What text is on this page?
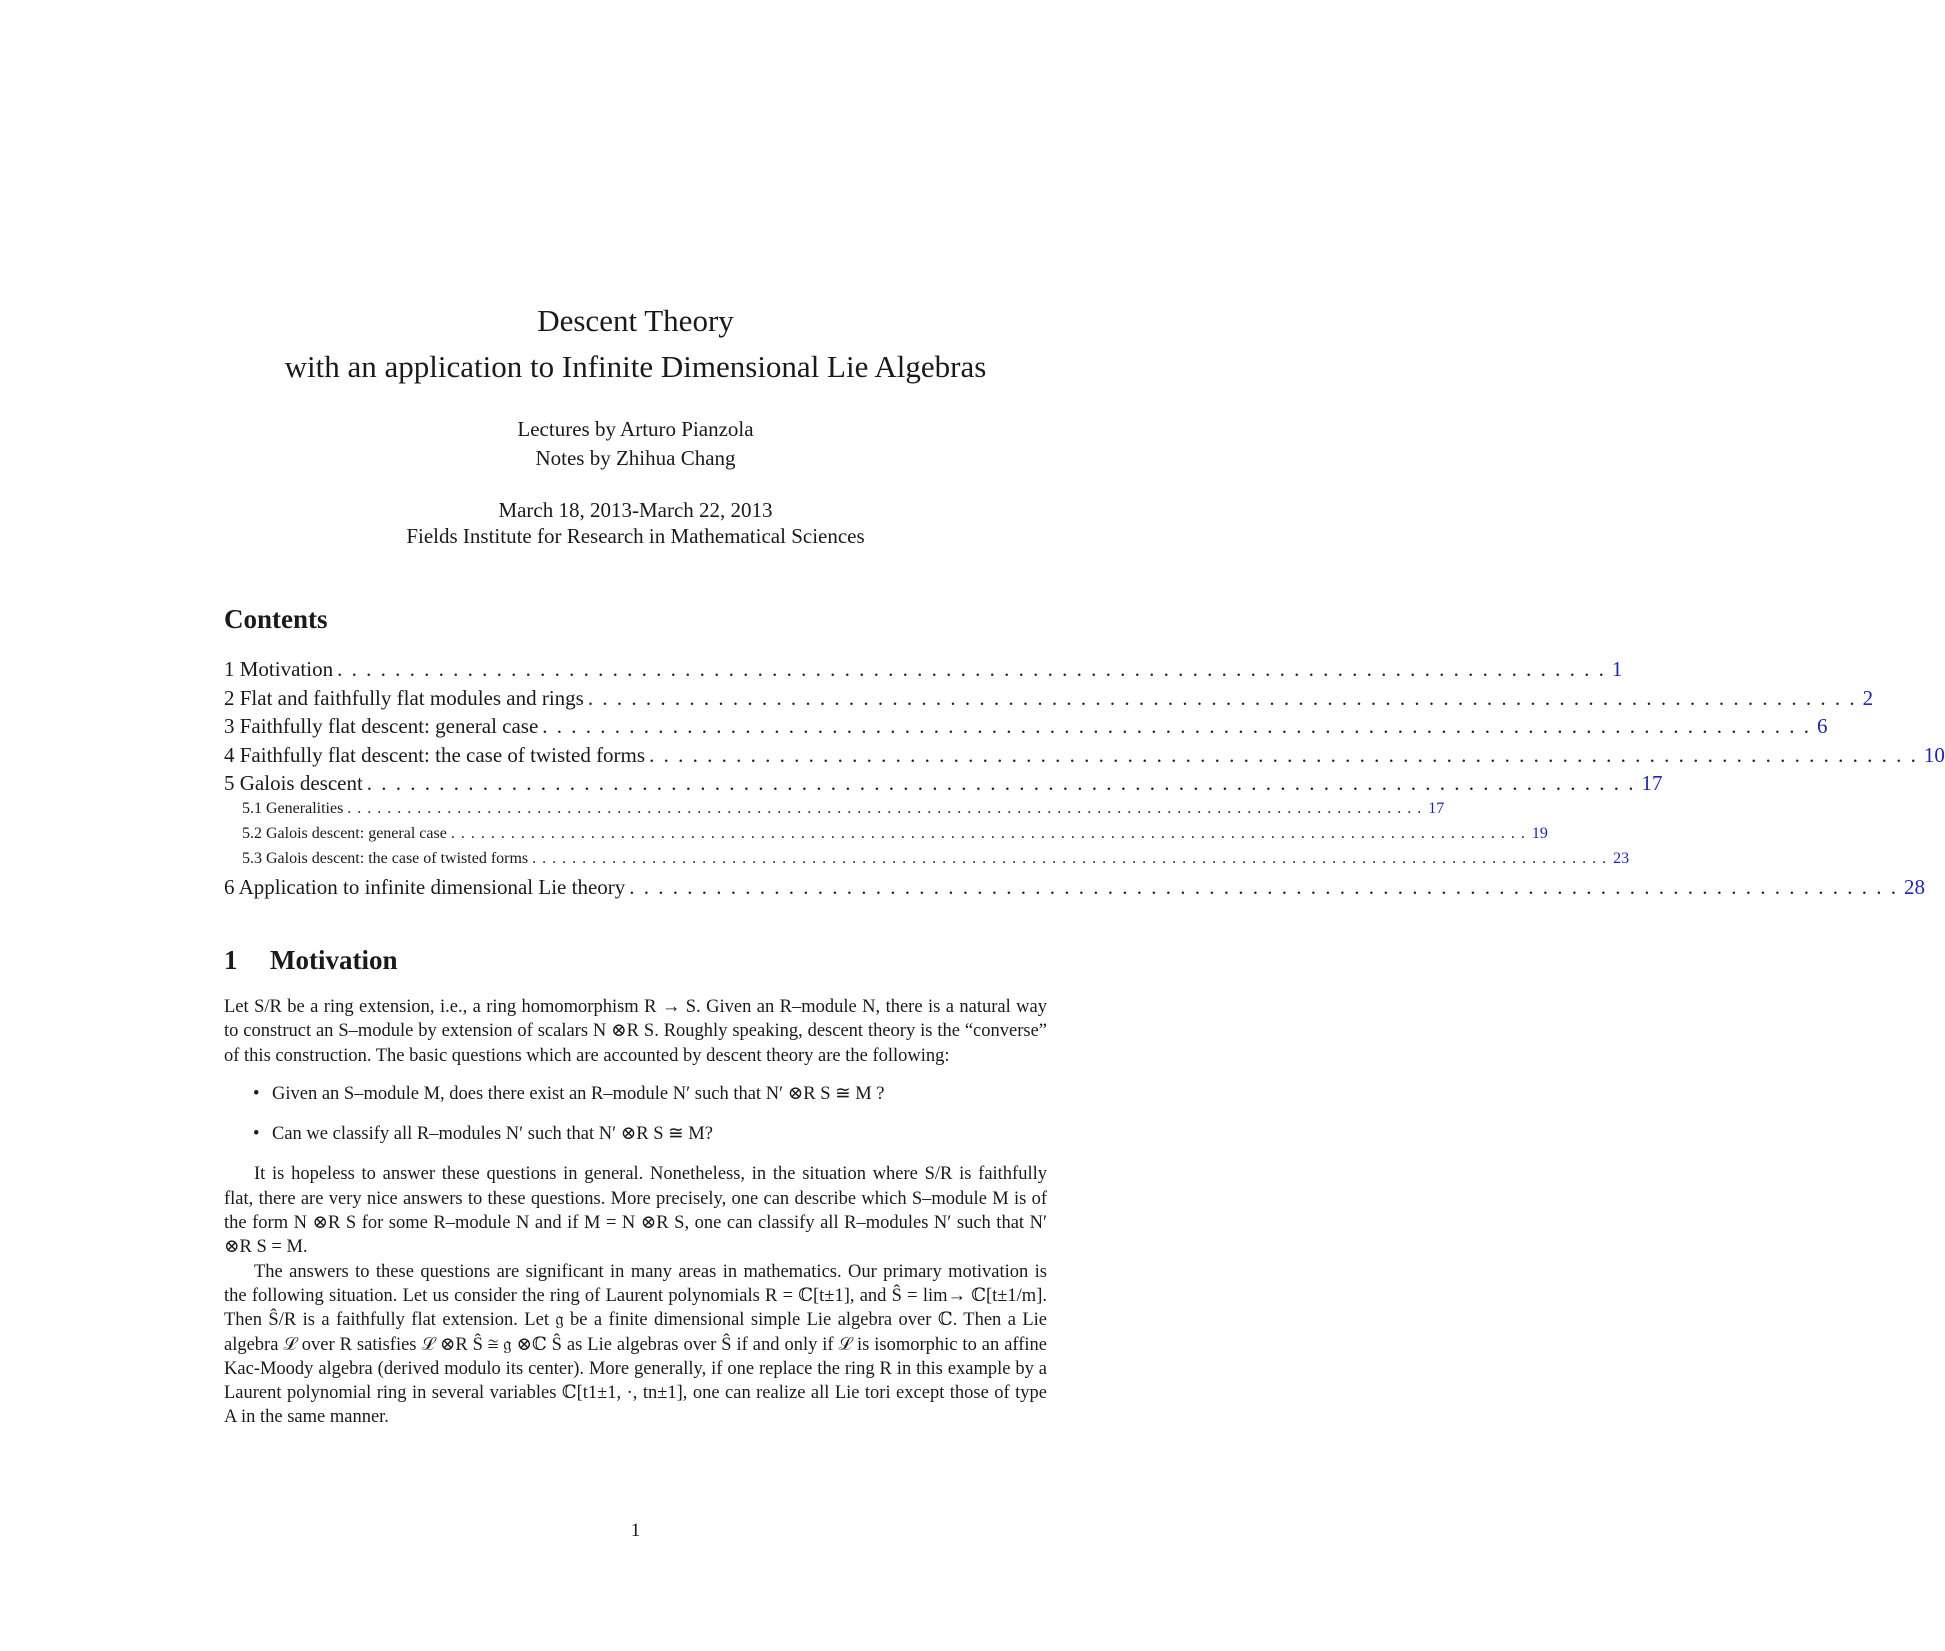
Descent Theory
with an application to Infinite Dimensional Lie Algebras
Lectures by Arturo Pianzola
Notes by Zhihua Chang
March 18, 2013-March 22, 2013
Fields Institute for Research in Mathematical Sciences
Contents
1 Motivation . . . . . . . . . . . . . . . . . . . . . . . . . . . . . . . . . . . . . . . . . . . . . . . . . . . . . . . . . . . . . . . . . . . . . . . . . . . . . . . . . . . . . . . . 1
2 Flat and faithfully flat modules and rings . . . . . . . . . . . . . . . . . . . . . . . . . . . . . . . . . . . . . . . . . . . . . . . . . . . . . . . . . . . . . . . . . . . . . . . . . . . . . . . . . . . . . . . . 2
3 Faithfully flat descent: general case . . . . . . . . . . . . . . . . . . . . . . . . . . . . . . . . . . . . . . . . . . . . . . . . . . . . . . . . . . . . . . . . . . . . . . . . . . . . . . . . . . . . . . . . 6
4 Faithfully flat descent: the case of twisted forms . . . . . . . . . . . . . . . . . . . . . . . . . . . . . . . . . . . . . . . . . . . . . . . . . . . . . . . . . . . . . . . . . . . . . . . . . . . . . . . . . . . . . . . . 10
5 Galois descent . . . . . . . . . . . . . . . . . . . . . . . . . . . . . . . . . . . . . . . . . . . . . . . . . . . . . . . . . . . . . . . . . . . . . . . . . . . . . . . . . . . . . . . . 17
5.1 Generalities . . . . . . . . . . . . . . . . . . . . . . . . . . . . . . . . . . . . . . . . . . . . . . . . . . . . . . . . . . . . . . . . . . . . . . . . . . . . . . . . . . . . . . . . . . . . . . . . . . . . . . . . . . . . 17
5.2 Galois descent: general case . . . . . . . . . . . . . . . . . . . . . . . . . . . . . . . . . . . . . . . . . . . . . . . . . . . . . . . . . . . . . . . . . . . . . . . . . . . . . . . . . . . . . . . . . . . . . . . . . . . . . . . . . . . . 19
5.3 Galois descent: the case of twisted forms . . . . . . . . . . . . . . . . . . . . . . . . . . . . . . . . . . . . . . . . . . . . . . . . . . . . . . . . . . . . . . . . . . . . . . . . . . . . . . . . . . . . . . . . . . . . . . . . . . . . . . . . . . . . 23
6 Application to infinite dimensional Lie theory . . . . . . . . . . . . . . . . . . . . . . . . . . . . . . . . . . . . . . . . . . . . . . . . . . . . . . . . . . . . . . . . . . . . . . . . . . . . . . . . . . . . . . . . 28
1 Motivation

Let S/R be a ring extension, i.e., a ring homomorphism R → S. Given an R–module N, there is a natural way to construct an S–module by extension of scalars N ⊗R S. Roughly speaking, descent theory is the “converse” of this construction. The basic questions which are accounted by descent theory are the following:

• Given an S–module M, does there exist an R–module N′ such that N′ ⊗R S ≅ M ?
• Can we classify all R–modules N′ such that N′ ⊗R S ≅ M?

It is hopeless to answer these questions in general. Nonetheless, in the situation where S/R is faithfully flat, there are very nice answers to these questions. More precisely, one can describe which S–module M is of the form N ⊗R S for some R–module N and if M = N ⊗R S, one can classify all R–modules N′ such that N′ ⊗R S = M.

The answers to these questions are significant in many areas in mathematics. Our primary motivation is the following situation. Let us consider the ring of Laurent polynomials R = ℂ[t±1], and Ŝ = lim→ ℂ[t±1/m]. Then Ŝ/R is a faithfully flat extension. Let 𝔤 be a finite dimensional simple Lie algebra over ℂ. Then a Lie algebra ℒ over R satisfies ℒ ⊗R Ŝ ≅ 𝔤 ⊗ℂ Ŝ as Lie algebras over Ŝ if and only if ℒ is isomorphic to an affine Kac-Moody algebra (derived modulo its center). More generally, if one replace the ring R in this example by a Laurent polynomial ring in several variables ℂ[t1±1, ·, tn±1], one can realize all Lie tori except those of type A in the same manner.

1
